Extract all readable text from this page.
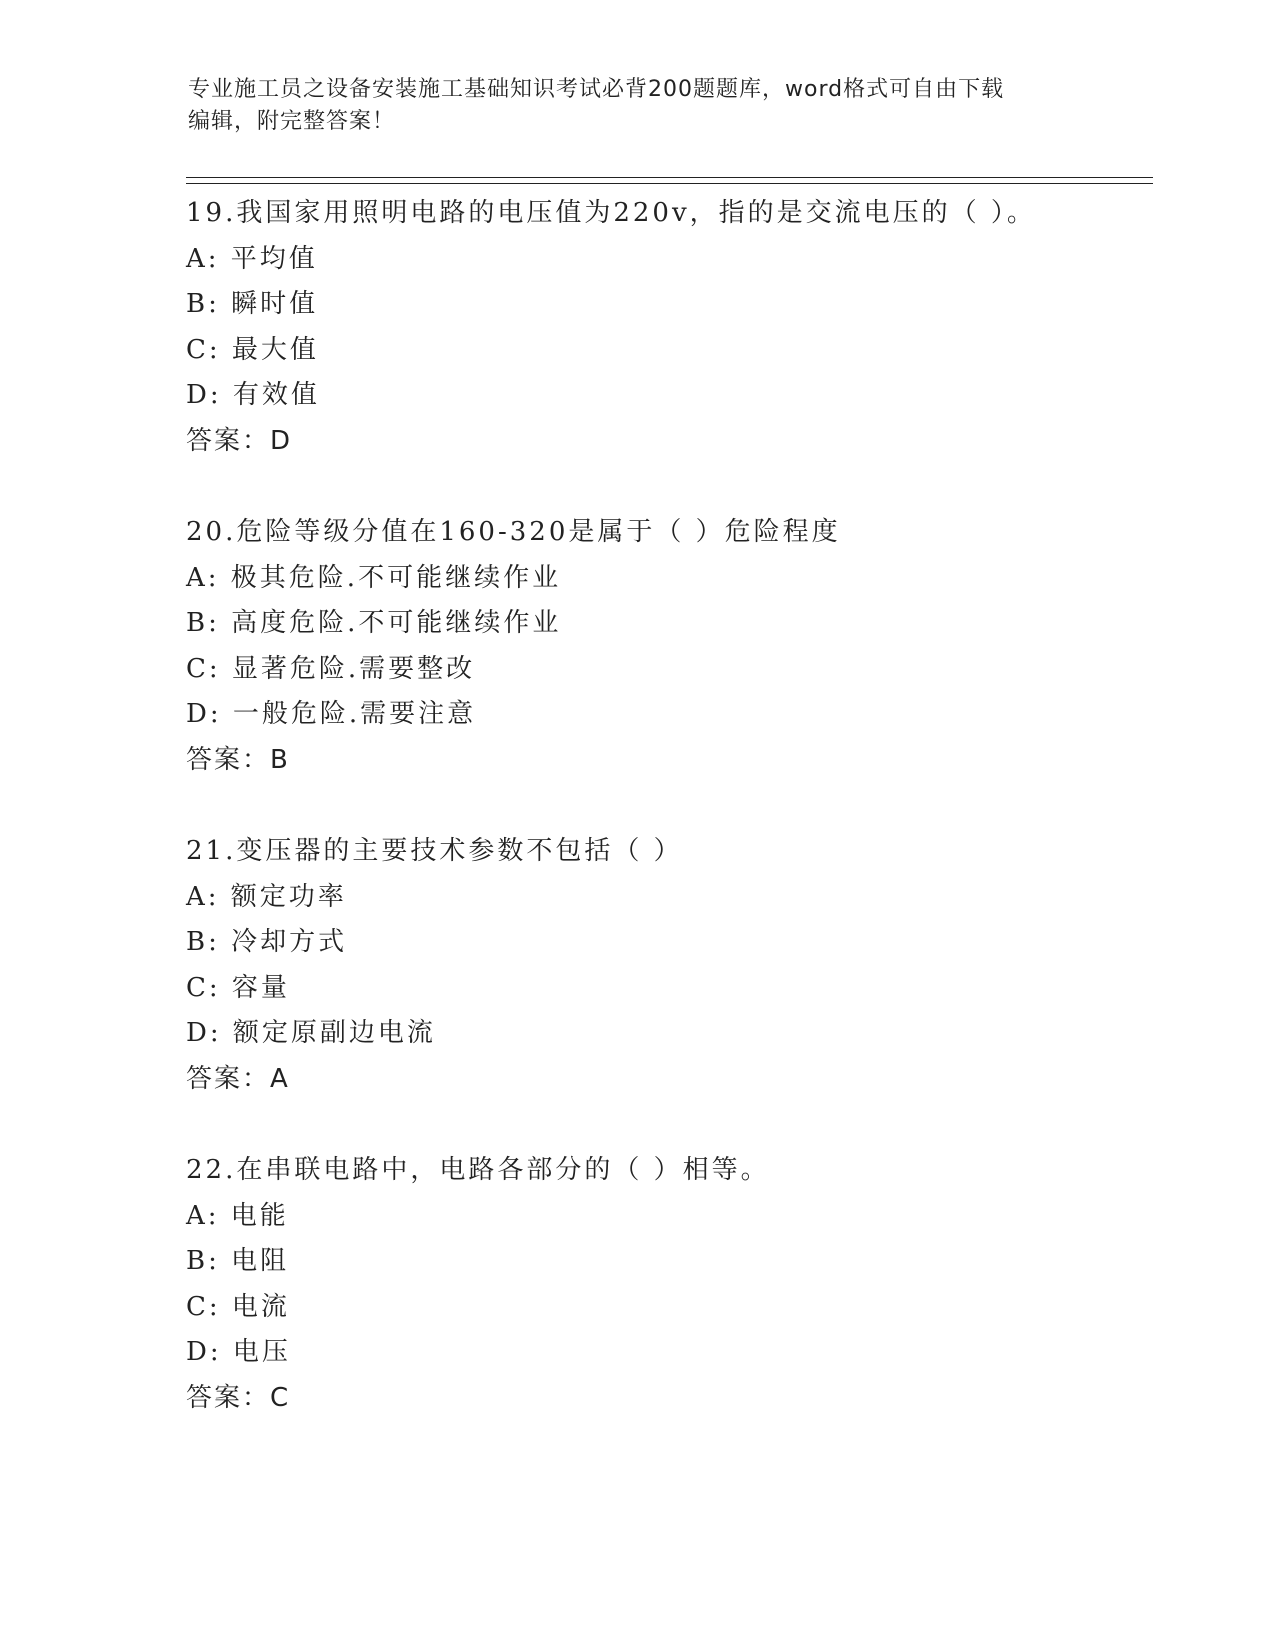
专业施工员之设备安装施工基础知识考试必背200题题库，word格式可自由下载
编辑，附完整答案！
19.我国家用照明电路的电压值为220v，指的是交流电压的（ ）。
A: 平均值
B: 瞬时值
C: 最大值
D: 有效值
答案：D
20.危险等级分值在160-320是属于（ ）危险程度
A: 极其危险.不可能继续作业
B: 高度危险.不可能继续作业
C: 显著危险.需要整改
D: 一般危险.需要注意
答案：B
21.变压器的主要技术参数不包括（ ）
A: 额定功率
B: 冷却方式
C: 容量
D: 额定原副边电流
答案：A
22.在串联电路中，电路各部分的（ ）相等。
A: 电能
B: 电阻
C: 电流
D: 电压
答案：C
